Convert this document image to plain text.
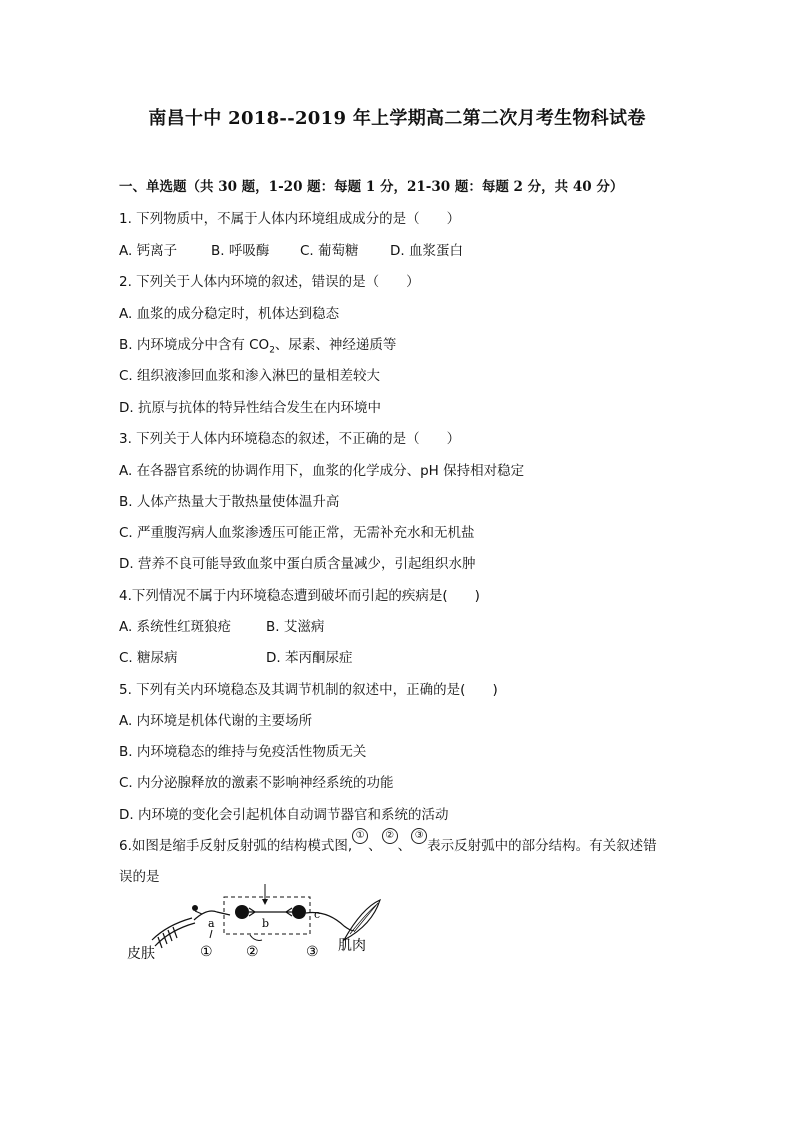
南昌十中 2018--2019 年上学期高二第二次月考生物科试卷
一、单选题（共 30 题，1-20 题：每题 1 分，21-30 题：每题 2 分，共 40 分）
1. 下列物质中，不属于人体内环境组成成分的是（　　）
A. 钙离子	B. 呼吸酶 C. 葡萄糖 D. 血浆蛋白
2. 下列关于人体内环境的叙述，错误的是（　　）
A. 血浆的成分稳定时，机体达到稳态
B. 内环境成分中含有 $CO_2$、尿素、神经递质等
C. 组织液渗回血浆和渗入淋巴的量相差较大
D. 抗原与抗体的特异性结合发生在内环境中
3. 下列关于人体内环境稳态的叙述，不正确的是（　　）
A. 在各器官系统的协调作用下，血浆的化学成分、pH 保持相对稳定
B. 人体产热量大于散热量使体温升高
C. 严重腹泻病人血浆渗透压可能正常，无需补充水和无机盐
D. 营养不良可能导致血浆中蛋白质含量减少，引起组织水肿
4.下列情况不属于内环境稳态遭到破坏而引起的疾病是(　　)
A. 系统性红斑狼疮	B. 艾滋病
C. 糖尿病	D. 苯丙酮尿症
5. 下列有关内环境稳态及其调节机制的叙述中，正确的是(　　)
A. 内环境是机体代谢的主要场所
B. 内环境稳态的维持与免疫活性物质无关
C. 内分泌腺释放的激素不影响神经系统的功能
D. 内环境的变化会引起机体自动调节器官和系统的活动
6.如图是缩手反射反射弧的结构模式图,①、②、③表示反射弧中的部分结构。有关叙述错
误的是
皮肤
a	b
c
① ②	③ 肌肉
